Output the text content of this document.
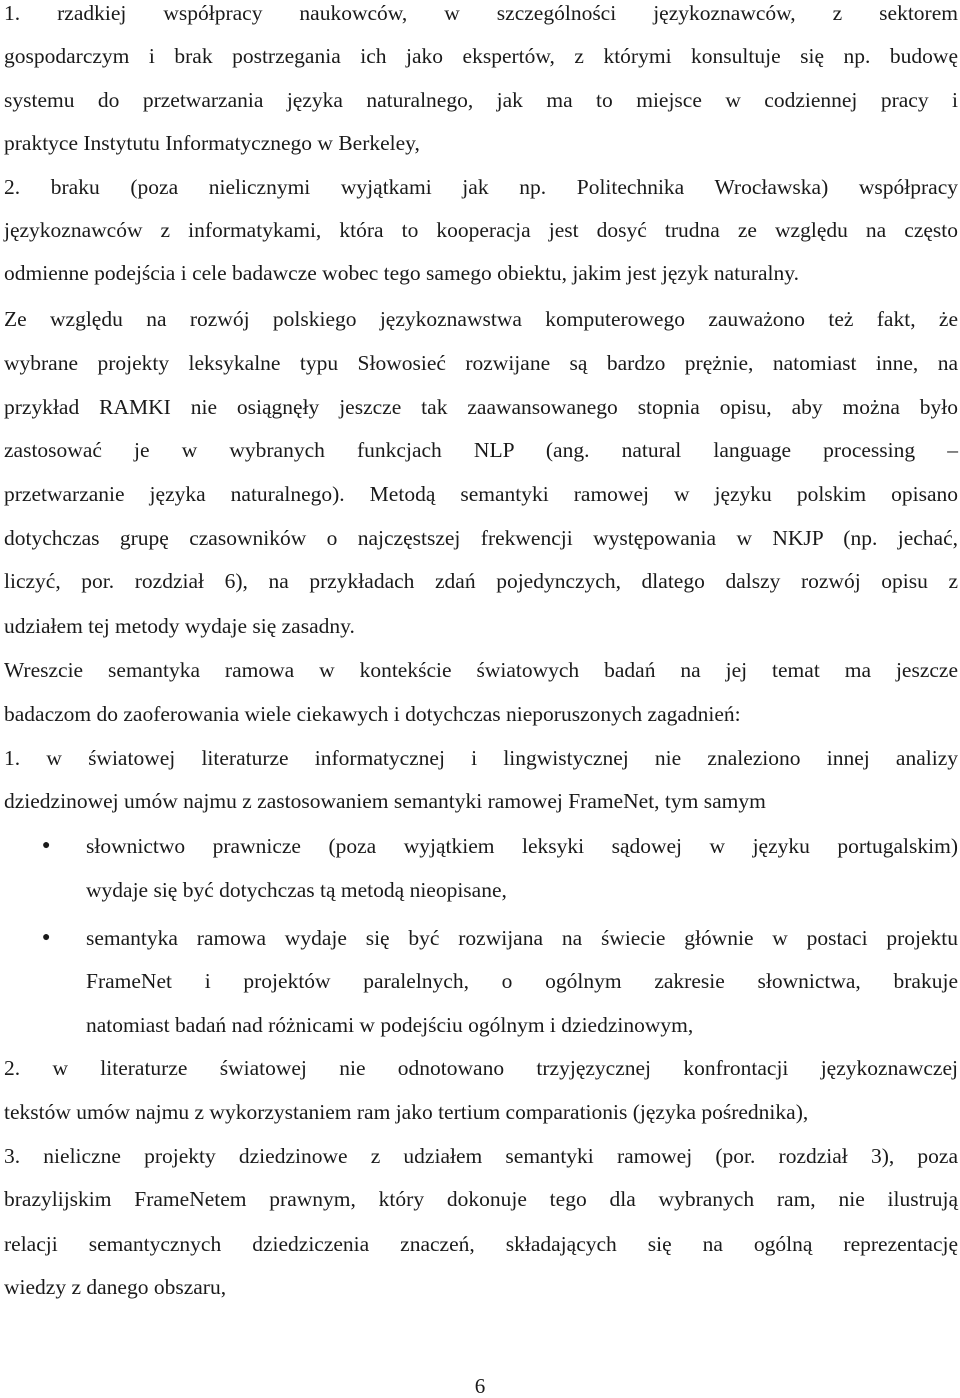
1. rzadkiej współpracy naukowców, w szczególności językoznawców, z sektorem
gospodarczym i brak postrzegania ich jako ekspertów, z którymi konsultuje się np. budowę
systemu do przetwarzania języka naturalnego, jak ma to miejsce w codziennej pracy i
praktyce Instytutu Informatycznego w Berkeley,
2. braku (poza nielicznymi wyjątkami jak np. Politechnika Wrocławska) współpracy
językoznawców z informatykami, która to kooperacja jest dosyć trudna ze względu na często
odmienne podejścia i cele badawcze wobec tego samego obiektu, jakim jest język naturalny.
Ze względu na rozwój polskiego językoznawstwa komputerowego zauważono też fakt, że
wybrane projekty leksykalne typu Słowosieć rozwijane są bardzo prężnie, natomiast inne, na
przykład RAMKI nie osiągnęły jeszcze tak zaawansowanego stopnia opisu, aby można było
zastosować je w wybranych funkcjach NLP (ang. natural language processing –
przetwarzanie języka naturalnego). Metodą semantyki ramowej w języku polskim opisano
dotychczas grupę czasowników o najczęstszej frekwencji występowania w NKJP (np. jechać,
liczyć, por. rozdział 6), na przykładach zdań pojedynczych, dlatego dalszy rozwój opisu z
udziałem tej metody wydaje się zasadny.
Wreszcie semantyka ramowa w kontekście światowych badań na jej temat ma jeszcze
badaczom do zaoferowania wiele ciekawych i dotychczas nieporuszonych zagadnień:
1. w światowej literaturze informatycznej i lingwistycznej nie znaleziono innej analizy
dziedzinowej umów najmu z zastosowaniem semantyki ramowej FrameNet, tym samym
● słownictwo prawnicze (poza wyjątkiem leksyki sądowej w języku portugalskim)
wydaje się być dotychczas tą metodą nieopisane,
● semantyka ramowa wydaje się być rozwijana na świecie głównie w postaci projektu
FrameNet i projektów paralelnych, o ogólnym zakresie słownictwa, brakuje
natomiast badań nad różnicami w podejściu ogólnym i dziedzinowym,
2. w literaturze światowej nie odnotowano trzyjęzycznej konfrontacji językoznawczej
tekstów umów najmu z wykorzystaniem ram jako tertium comparationis (języka pośrednika),
3. nieliczne projekty dziedzinowe z udziałem semantyki ramowej (por. rozdział 3), poza
brazylijskim FrameNetem prawnym, który dokonuje tego dla wybranych ram, nie ilustrują
relacji semantycznych dziedziczenia znaczeń, składających się na ogólną reprezentację
wiedzy z danego obszaru,
6
